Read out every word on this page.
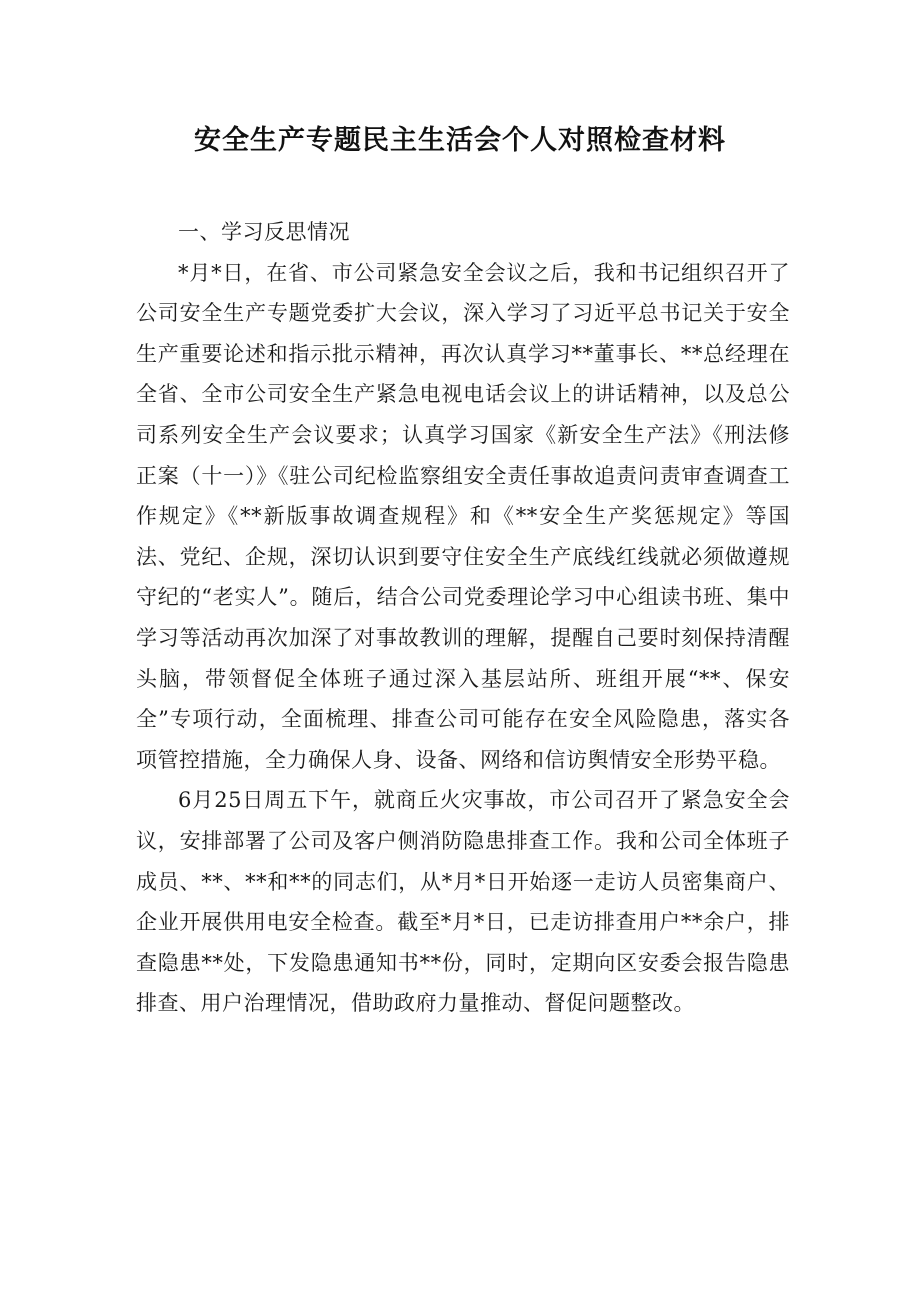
安全生产专题民主生活会个人对照检查材料

一、学习反思情况

*月*日，在省、市公司紧急安全会议之后，我和书记组织召开了公司安全生产专题党委扩大会议，深入学习了习近平总书记关于安全生产重要论述和指示批示精神，再次认真学习**董事长、**总经理在全省、全市公司安全生产紧急电视电话会议上的讲话精神，以及总公司系列安全生产会议要求；认真学习国家《新安全生产法》《刑法修正案（十一）》《驻公司纪检监察组安全责任事故追责问责审查调查工作规定》《**新版事故调查规程》和《**安全生产奖惩规定》等国法、党纪、企规，深切认识到要守住安全生产底线红线就必须做遵规守纪的“老实人”。随后，结合公司党委理论学习中心组读书班、集中学习等活动再次加深了对事故教训的理解，提醒自己要时刻保持清醒头脑，带领督促全体班子通过深入基层站所、班组开展“**、保安全”专项行动，全面梳理、排查公司可能存在安全风险隐患，落实各项管控措施，全力确保人身、设备、网络和信访舆情安全形势平稳。

6月25日周五下午，就商丘火灾事故，市公司召开了紧急安全会议，安排部署了公司及客户侧消防隐患排查工作。我和公司全体班子成员、**、**和**的同志们，从*月*日开始逐一走访人员密集商户、企业开展供用电安全检查。截至*月*日，已走访排查用户**余户，排查隐患**处，下发隐患通知书**份，同时，定期向区安委会报告隐患排查、用户治理情况，借助政府力量推动、督促问题整改。
